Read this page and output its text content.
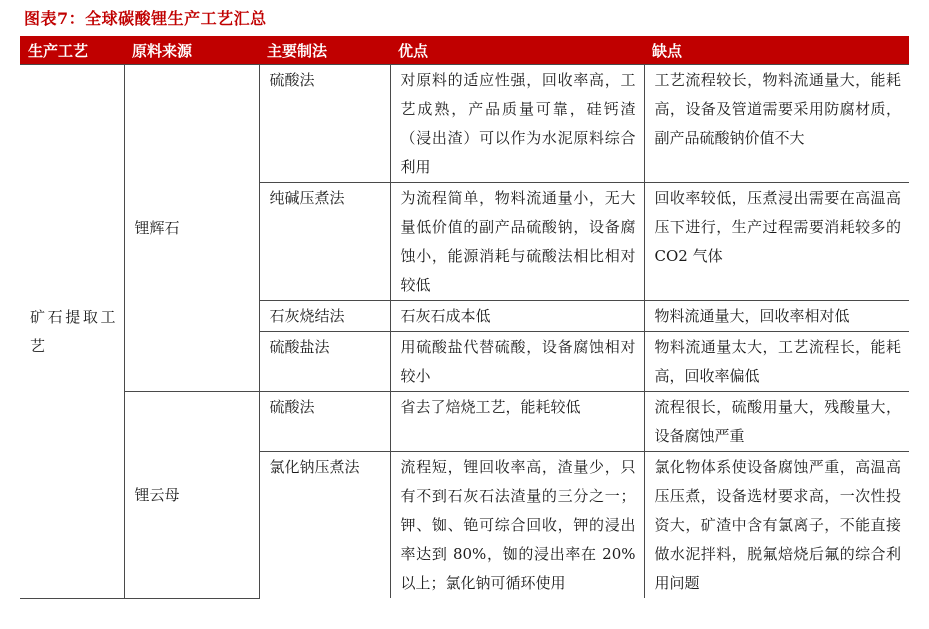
图表7：全球碳酸锂生产工艺汇总
生产工艺	原料来源	主要制法	优点	缺点
矿石提取工艺	锂辉石	硫酸法	对原料的适应性强，回收率高，工艺成熟，产品质量可靠，硅钙渣（浸出渣）可以作为水泥原料综合利用	工艺流程较长，物料流通量大，能耗高，设备及管道需要采用防腐材质，副产品硫酸钠价值不大
		纯碱压煮法	为流程简单，物料流通量小，无大量低价值的副产品硫酸钠，设备腐蚀小，能源消耗与硫酸法相比相对较低	回收率较低，压煮浸出需要在高温高压下进行，生产过程需要消耗较多的 CO2 气体
		石灰烧结法	石灰石成本低	物料流通量大，回收率相对低
		硫酸盐法	用硫酸盐代替硫酸，设备腐蚀相对较小	物料流通量太大，工艺流程长，能耗高，回收率偏低
	锂云母	硫酸法	省去了焙烧工艺，能耗较低	流程很长，硫酸用量大，残酸量大，设备腐蚀严重
		氯化钠压煮法	流程短，锂回收率高，渣量少，只有不到石灰石法渣量的三分之一；钾、铷、铯可综合回收，钾的浸出率达到 80%，铷的浸出率在 20% 以上；氯化钠可循环使用	氯化物体系使设备腐蚀严重，高温高压压煮，设备选材要求高，一次性投资大，矿渣中含有氯离子，不能直接做水泥拌料，脱氟焙烧后氟的综合利用问题
